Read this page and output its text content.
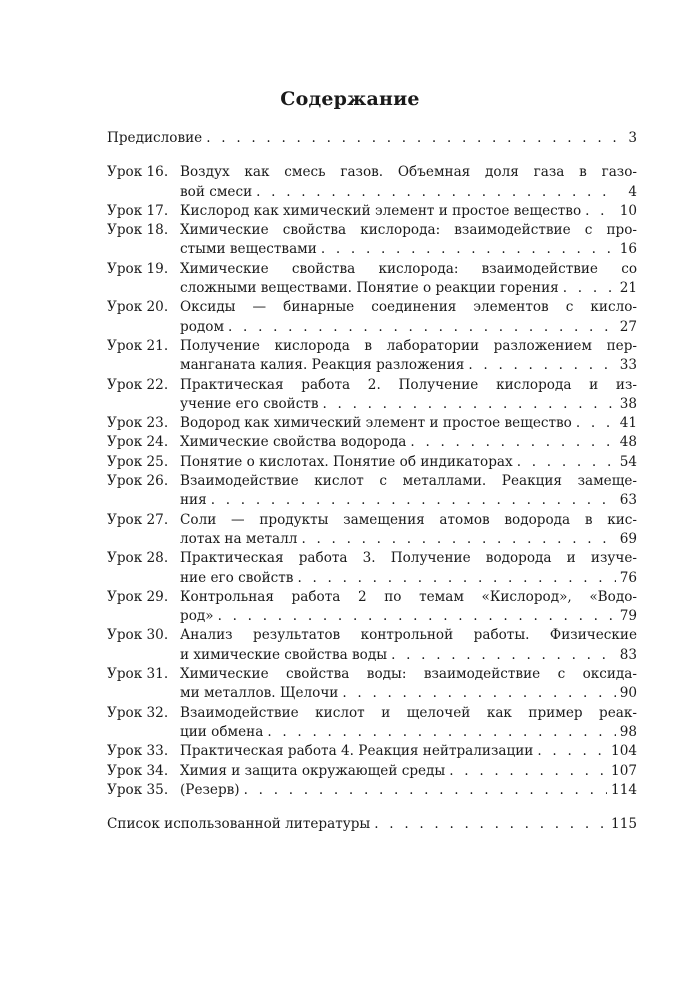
Содержание
Предисловие . . .	3
Урок 16. Воздух как смесь газов. Объемная доля газа в газо-
вой смеси . . .	4
Урок 17. Кислород как химический элемент и простое вещество . . .	10
Урок 18. Химические свойства кислорода: взаимодействие с про-
стыми веществами . . .	16
Урок 19. Химические свойства кислорода: взаимодействие со
сложными веществами. Понятие о реакции горения . . .	21
Урок 20. Оксиды — бинарные соединения элементов с кисло-
родом . . .	27
Урок 21. Получение кислорода в лаборатории разложением пер-
манганата калия. Реакция разложения . . .	33
Урок 22. Практическая работа 2. Получение кислорода и из-
учение его свойств . . .	38
Урок 23. Водород как химический элемент и простое вещество . . .	41
Урок 24. Химические свойства водорода . . .	48
Урок 25. Понятие о кислотах. Понятие об индикаторах . . .	54
Урок 26. Взаимодействие кислот с металлами. Реакция замеще-
ния . . .	63
Урок 27. Соли — продукты замещения атомов водорода в кис-
лотах на металл . . .	69
Урок 28. Практическая работа 3. Получение водорода и изуче-
ние его свойств . . .	76
Урок 29. Контрольная работа 2 по темам «Кислород», «Водо-
род» . . .	79
Урок 30. Анализ результатов контрольной работы. Физические
и химические свойства воды . . .	83
Урок 31. Химические свойства воды: взаимодействие с оксида-
ми металлов. Щелочи . . .	90
Урок 32. Взаимодействие кислот и щелочей как пример реак-
ции обмена . . .	98
Урок 33. Практическая работа 4. Реакция нейтрализации . . .	104
Урок 34. Химия и защита окружающей среды . . .	107
Урок 35. (Резерв) . . .	114
Список использованной литературы . . .	115
